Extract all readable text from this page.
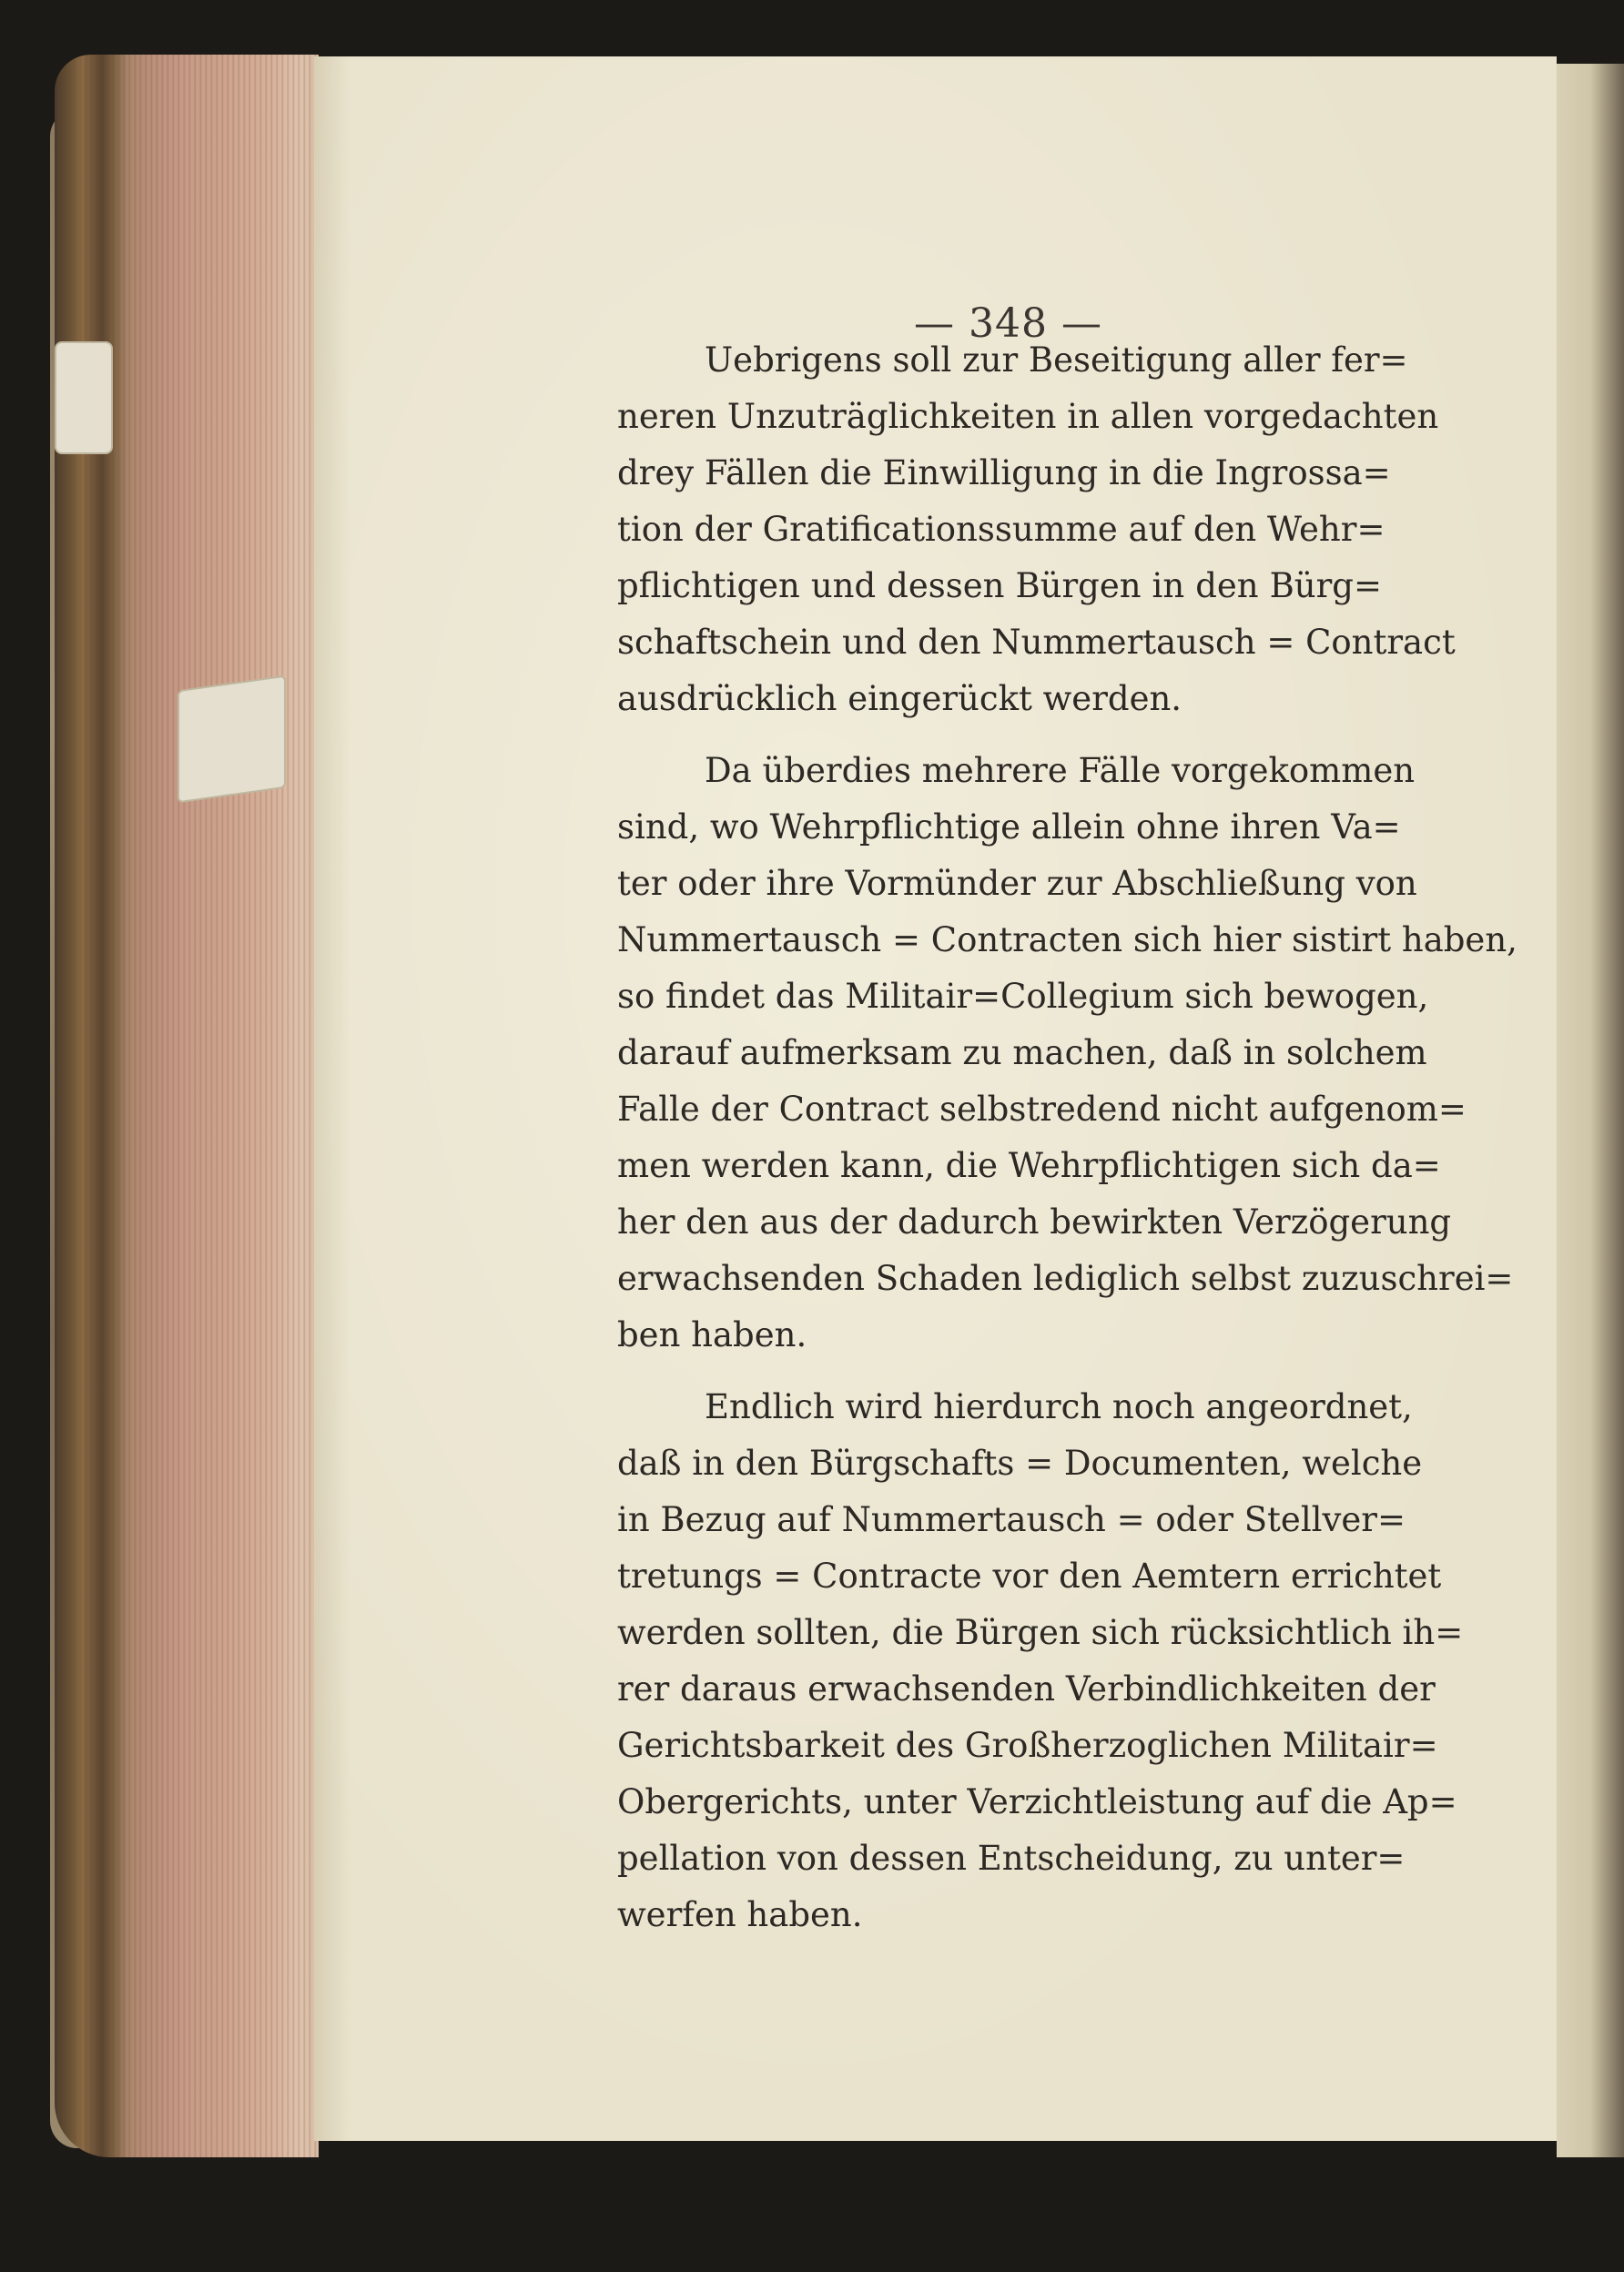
— 348 —
Uebrigens soll zur Beseitigung aller fer=
neren Unzuträglichkeiten in allen vorgedachten
drey Fällen die Einwilligung in die Ingrossa=
tion der Gratificationssumme auf den Wehr=
pflichtigen und dessen Bürgen in den Bürg=
schaftschein und den Nummertausch = Contract
ausdrücklich eingerückt werden.
Da überdies mehrere Fälle vorgekommen
sind, wo Wehrpflichtige allein ohne ihren Va=
ter oder ihre Vormünder zur Abschließung von
Nummertausch = Contracten sich hier sistirt haben,
so findet das Militair=Collegium sich bewogen,
darauf aufmerksam zu machen, daß in solchem
Falle der Contract selbstredend nicht aufgenom=
men werden kann, die Wehrpflichtigen sich da=
her den aus der dadurch bewirkten Verzögerung
erwachsenden Schaden lediglich selbst zuzuschrei=
ben haben.
Endlich wird hierdurch noch angeordnet,
daß in den Bürgschafts = Documenten, welche
in Bezug auf Nummertausch = oder Stellver=
tretungs = Contracte vor den Aemtern errichtet
werden sollten, die Bürgen sich rücksichtlich ih=
rer daraus erwachsenden Verbindlichkeiten der
Gerichtsbarkeit des Großherzoglichen Militair=
Obergerichts, unter Verzichtleistung auf die Ap=
pellation von dessen Entscheidung, zu unter=
werfen haben.
